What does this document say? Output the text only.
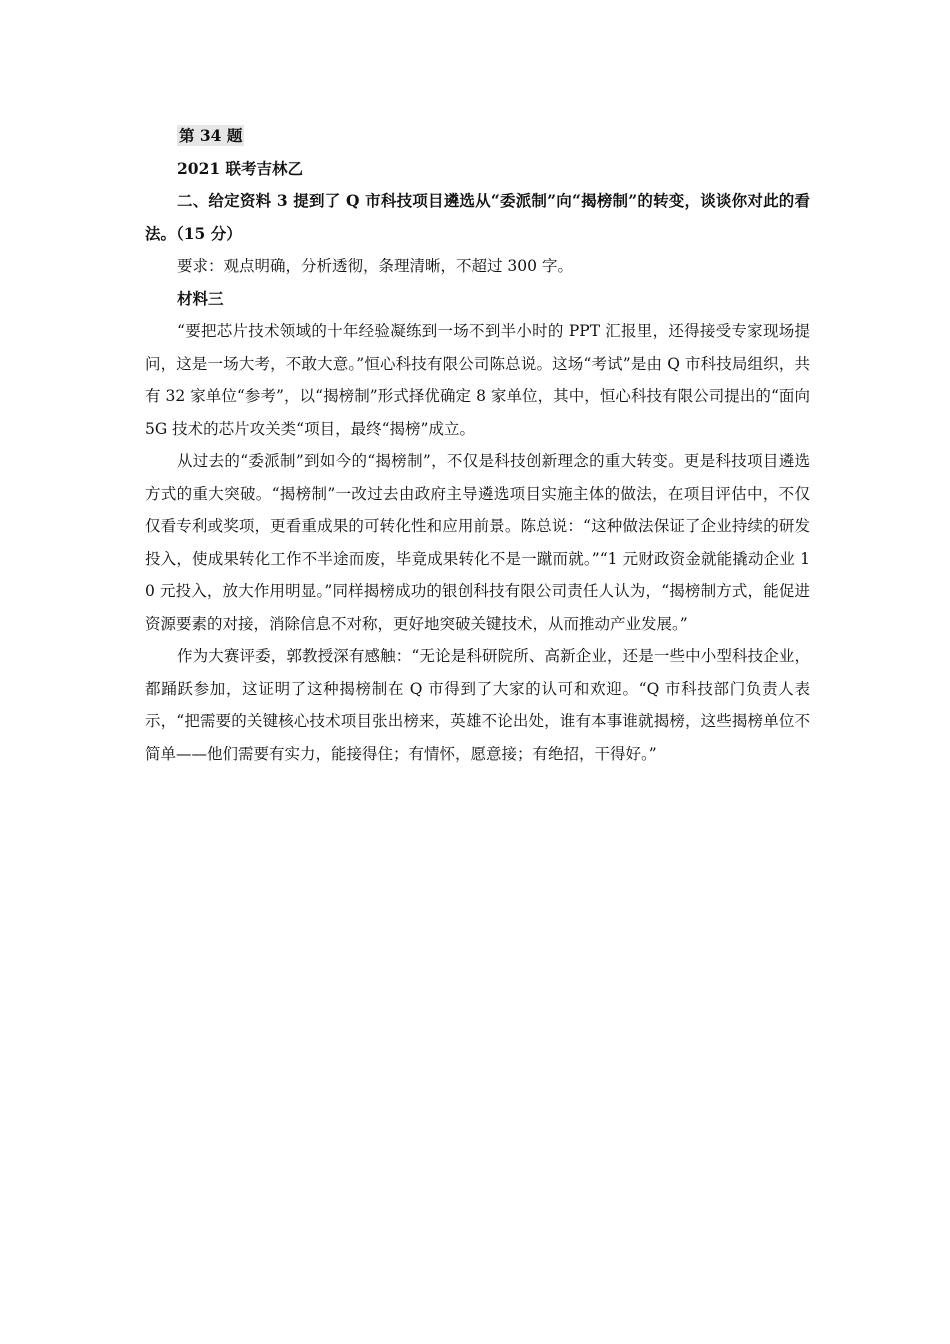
第 34 题

2021 联考吉林乙

二、给定资料 3 提到了 Q 市科技项目遴选从“委派制”向“揭榜制”的转变，谈谈你对此的看法。（15 分）

要求：观点明确，分析透彻，条理清晰，不超过 300 字。

材料三

“要把芯片技术领域的十年经验凝练到一场不到半小时的 PPT 汇报里，还得接受专家现场提问，这是一场大考，不敢大意。”恒心科技有限公司陈总说。这场“考试”是由 Q 市科技局组织，共有 32 家单位“参考”，以“揭榜制”形式择优确定 8 家单位，其中，恒心科技有限公司提出的“面向 5G 技术的芯片攻关类“项目，最终“揭榜”成立。

从过去的“委派制”到如今的“揭榜制”，不仅是科技创新理念的重大转变。更是科技项目遴选方式的重大突破。“揭榜制”一改过去由政府主导遴选项目实施主体的做法，在项目评估中，不仅仅看专利或奖项，更看重成果的可转化性和应用前景。陈总说：“这种做法保证了企业持续的研发投入，使成果转化工作不半途而废，毕竟成果转化不是一蹴而就。”“1 元财政资金就能撬动企业 10 元投入，放大作用明显。”同样揭榜成功的银创科技有限公司责任人认为，“揭榜制方式，能促进资源要素的对接，消除信息不对称，更好地突破关键技术，从而推动产业发展。”

作为大赛评委，郭教授深有感触：“无论是科研院所、高新企业，还是一些中小型科技企业，都踊跃参加，这证明了这种揭榜制在 Q 市得到了大家的认可和欢迎。“Q 市科技部门负责人表示，“把需要的关键核心技术项目张出榜来，英雄不论出处，谁有本事谁就揭榜，这些揭榜单位不简单——他们需要有实力，能接得住；有情怀，愿意接；有绝招，干得好。”
